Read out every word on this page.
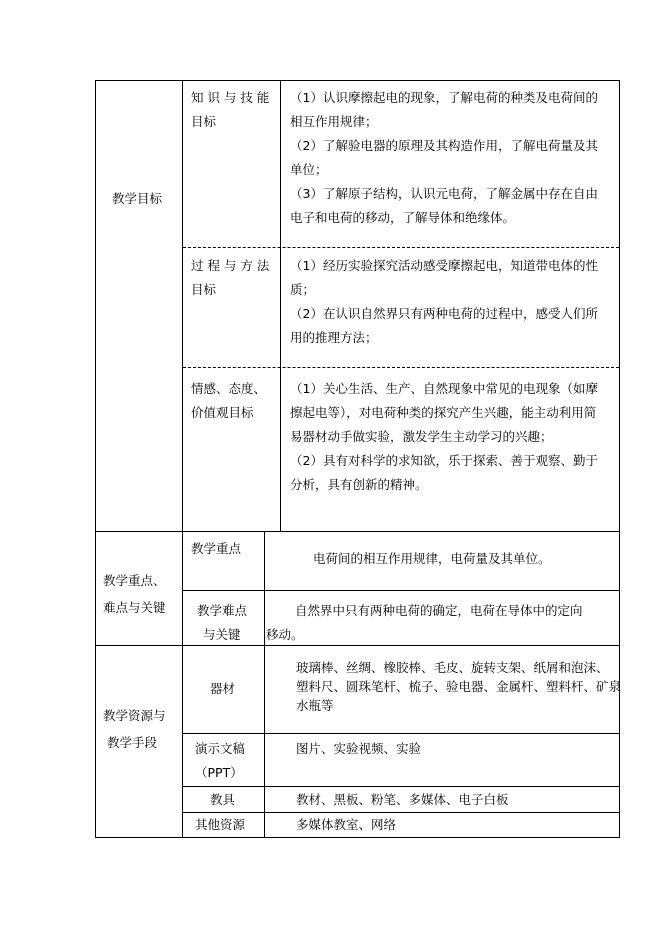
教学目标

知 识 与 技 能

目标

（1）认识摩擦起电的现象，了解电荷的种类及电荷间的

相互作用规律；

（2）了解验电器的原理及其构造作用，了解电荷量及其

单位；

（3）了解原子结构，认识元电荷，了解金属中存在自由

电子和电荷的移动，了解导体和绝缘体。

过 程 与 方 法

目标

（1）经历实验探究活动感受摩擦起电，知道带电体的性

质；

（2）在认识自然界只有两种电荷的过程中，感受人们所

用的推理方法；

情感、态度、

价值观目标

（1）关心生活、生产、自然现象中常见的电现象（如摩

擦起电等），对电荷种类的探究产生兴趣，能主动利用简

易器材动手做实验，激发学生主动学习的兴趣；

（2）具有对科学的求知欲，乐于探索、善于观察、勤于

分析，具有创新的精神。

教学重点、

难点与关键

教学重点
电荷间的相互作用规律，电荷量及其单位。

教学难点

与关键

自然界中只有两种电荷的确定，电荷在导体中的定向

移动。

教学资源与

教学手段

器材

玻璃棒、丝绸、橡胶棒、毛皮、旋转支架、纸屑和泡沫、

塑料尺、圆珠笔杆、梳子、验电器、金属杆、塑料杆、矿泉

水瓶等

演示文稿

（PPT）

图片、实验视频、实验
教具	教材、黑板、粉笔、多媒体、电子白板
其他资源	多媒体教室、网络
